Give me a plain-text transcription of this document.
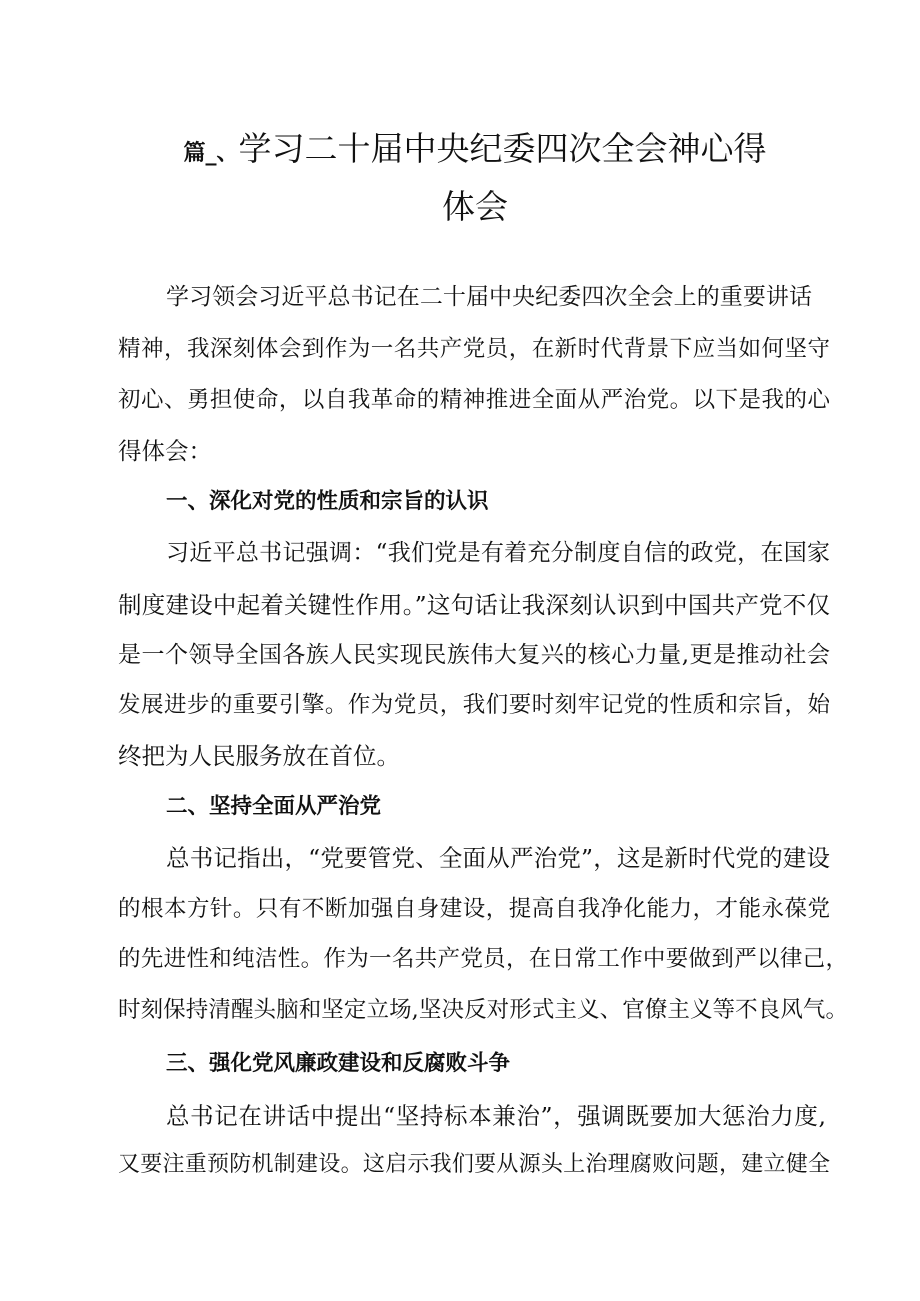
篇_、学习二十届中央纪委四次全会神心得
体会
学习领会习近平总书记在二十届中央纪委四次全会上的重要讲话
精神，我深刻体会到作为一名共产党员，在新时代背景下应当如何坚守
初心、勇担使命，以自我革命的精神推进全面从严治党。以下是我的心
得体会：
一、深化对党的性质和宗旨的认识
习近平总书记强调：“我们党是有着充分制度自信的政党，在国家
制度建设中起着关键性作用。”这句话让我深刻认识到中国共产党不仅
是一个领导全国各族人民实现民族伟大复兴的核心力量,更是推动社会
发展进步的重要引擎。作为党员，我们要时刻牢记党的性质和宗旨，始
终把为人民服务放在首位。
二、坚持全面从严治党
总书记指出，“党要管党、全面从严治党”，这是新时代党的建设
的根本方针。只有不断加强自身建设，提高自我净化能力，才能永葆党
的先进性和纯洁性。作为一名共产党员，在日常工作中要做到严以律己，
时刻保持清醒头脑和坚定立场,坚决反对形式主义、官僚主义等不良风气。
三、强化党风廉政建设和反腐败斗争
总书记在讲话中提出“坚持标本兼治”，强调既要加大惩治力度,
又要注重预防机制建设。这启示我们要从源头上治理腐败问题，建立健全
